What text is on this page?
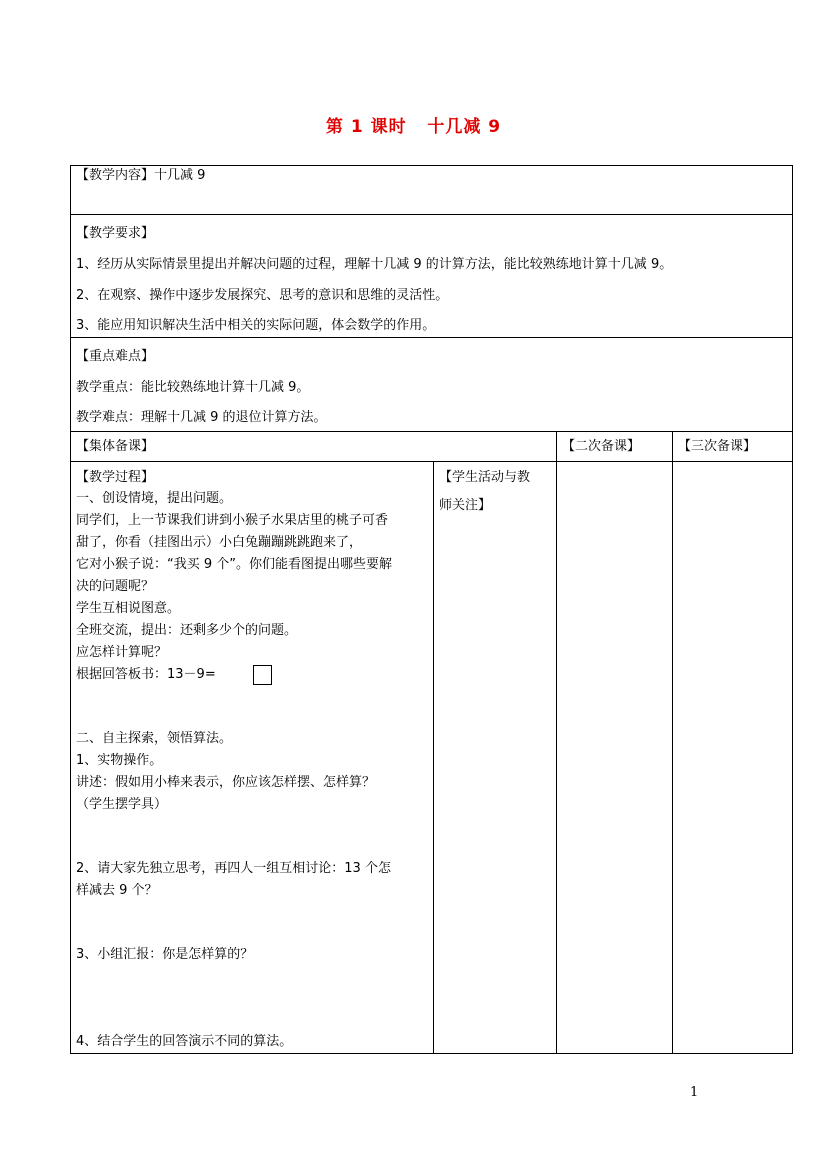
第 1 课时   十几减 9
【教学内容】十几减 9
【教学要求】
1、经历从实际情景里提出并解决问题的过程，理解十几减 9 的计算方法，能比较熟练地计算十几减 9。
2、在观察、操作中逐步发展探究、思考的意识和思维的灵活性。
3、能应用知识解决生活中相关的实际问题，体会数学的作用。
【重点难点】
教学重点：能比较熟练地计算十几减 9。
教学难点：理解十几减 9 的退位计算方法。
【集体备课】	【二次备课】	【三次备课】
【教学过程】
一、创设情境，提出问题。
同学们，上一节课我们讲到小猴子水果店里的桃子可香
甜了，你看（挂图出示）小白兔蹦蹦跳跳跑来了，
它对小猴子说：“我买 9 个”。你们能看图提出哪些要解
决的问题呢？
学生互相说图意。
全班交流，提出：还剩多少个的问题。
应怎样计算呢？
根据回答板书：13－9=
二、自主探索，领悟算法。
1、实物操作。
讲述：假如用小棒来表示，你应该怎样摆、怎样算？
（学生摆学具）
2、请大家先独立思考，再四人一组互相讨论：13 个怎
样减去 9 个？
3、小组汇报：你是怎样算的？
4、结合学生的回答演示不同的算法。
【学生活动与教
师关注】
1
